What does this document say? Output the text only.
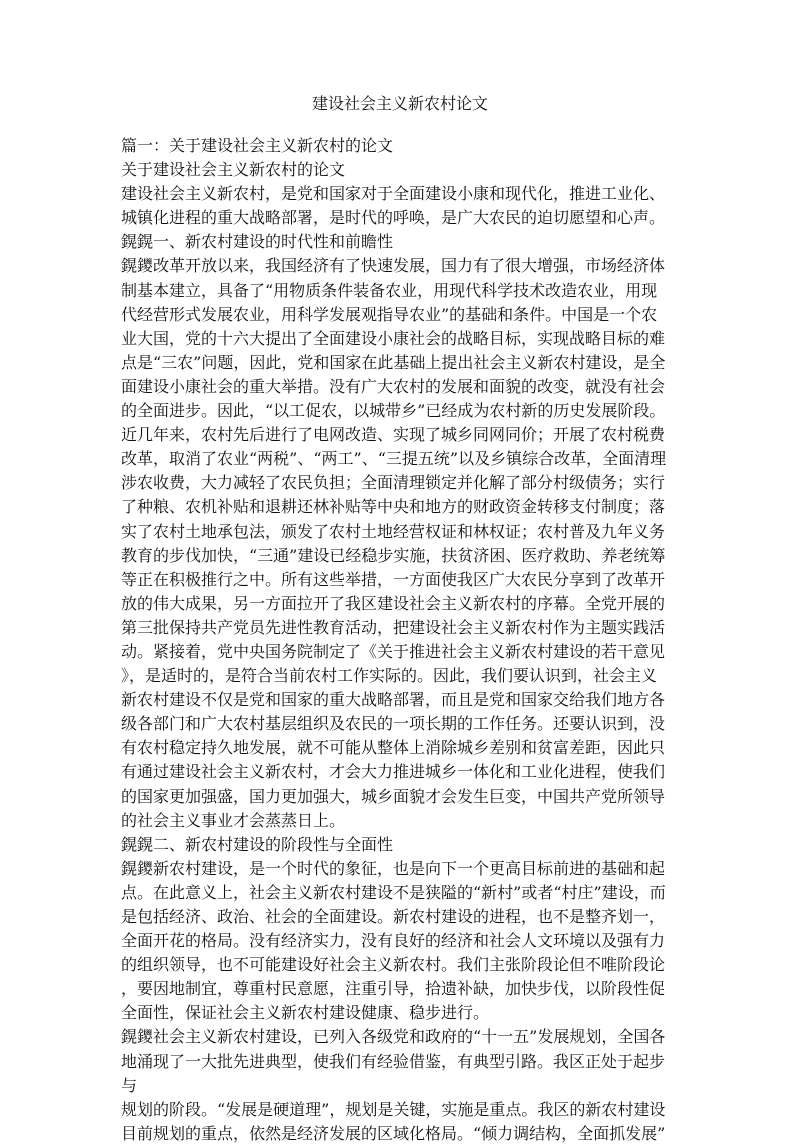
建设社会主义新农村论文
篇一：关于建设社会主义新农村的论文
关于建设社会主义新农村的论文
建设社会主义新农村，是党和国家对于全面建设小康和现代化，推进工业化、
城镇化进程的重大战略部署，是时代的呼唤，是广大农民的迫切愿望和心声。
鎤鎤一、新农村建设的时代性和前瞻性
鎤鑁改革开放以来，我国经济有了快速发展，国力有了很大增强，市场经济体
制基本建立，具备了“用物质条件装备农业，用现代科学技术改造农业，用现
代经营形式发展农业，用科学发展观指导农业”的基础和条件。中国是一个农
业大国，党的十六大提出了全面建设小康社会的战略目标，实现战略目标的难
点是“三农”问题，因此，党和国家在此基础上提出社会主义新农村建设，是全
面建设小康社会的重大举措。没有广大农村的发展和面貌的改变，就没有社会
的全面进步。因此，“以工促农，以城带乡”已经成为农村新的历史发展阶段。
近几年来，农村先后进行了电网改造、实现了城乡同网同价；开展了农村税费
改革，取消了农业“两税”、“两工”、“三提五统”以及乡镇综合改革，全面清理
涉农收费，大力减轻了农民负担；全面清理锁定并化解了部分村级债务；实行
了种粮、农机补贴和退耕还林补贴等中央和地方的财政资金转移支付制度；落
实了农村土地承包法，颁发了农村土地经营权证和林权证；农村普及九年义务
教育的步伐加快，“三通”建设已经稳步实施，扶贫济困、医疗救助、养老统筹
等正在积极推行之中。所有这些举措，一方面使我区广大农民分享到了改革开
放的伟大成果，另一方面拉开了我区建设社会主义新农村的序幕。全党开展的
第三批保持共产党员先进性教育活动，把建设社会主义新农村作为主题实践活
动。紧接着，党中央国务院制定了《关于推进社会主义新农村建设的若干意见
》，是适时的，是符合当前农村工作实际的。因此，我们要认识到，社会主义
新农村建设不仅是党和国家的重大战略部署，而且是党和国家交给我们地方各
级各部门和广大农村基层组织及农民的一项长期的工作任务。还要认识到，没
有农村稳定持久地发展，就不可能从整体上消除城乡差别和贫富差距，因此只
有通过建设社会主义新农村，才会大力推进城乡一体化和工业化进程，使我们
的国家更加强盛，国力更加强大，城乡面貌才会发生巨变，中国共产党所领导
的社会主义事业才会蒸蒸日上。
鎤鎤二、新农村建设的阶段性与全面性
鎤鑁新农村建设，是一个时代的象征，也是向下一个更高目标前进的基础和起
点。在此意义上，社会主义新农村建设不是狭隘的“新村”或者“村庄”建设，而
是包括经济、政治、社会的全面建设。新农村建设的进程，也不是整齐划一，
全面开花的格局。没有经济实力，没有良好的经济和社会人文环境以及强有力
的组织领导，也不可能建设好社会主义新农村。我们主张阶段论但不唯阶段论
，要因地制宜，尊重村民意愿，注重引导，拾遗补缺，加快步伐，以阶段性促
全面性，保证社会主义新农村建设健康、稳步进行。
鎤鑁社会主义新农村建设，已列入各级党和政府的“十一五”发展规划，全国各
地涌现了一大批先进典型，使我们有经验借鉴，有典型引路。我区正处于起步
与
规划的阶段。“发展是硬道理”，规划是关键，实施是重点。我区的新农村建设
目前规划的重点，依然是经济发展的区域化格局。“倾力调结构，全面抓发展”
